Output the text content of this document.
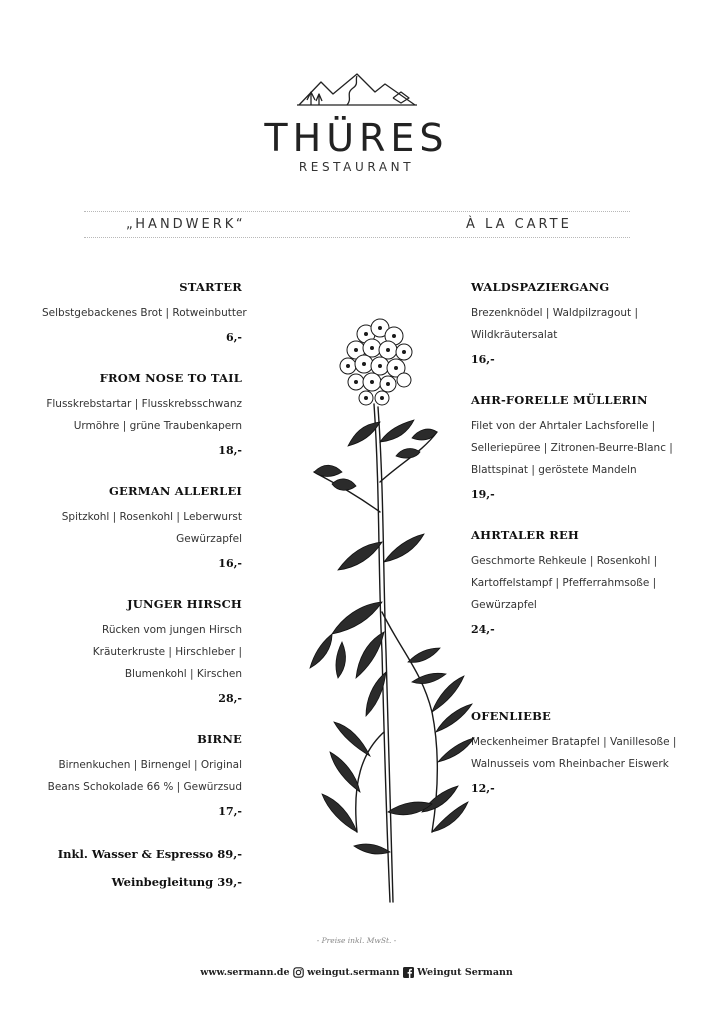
THÜRES
RESTAURANT
„HANDWERK“	À LA CARTE
STARTER
Selbstgebackenes Brot | Rotweinbutter
6,-
FROM NOSE TO TAIL
Flusskrebstartar | Flusskrebsschwanz
Urmöhre | grüne Traubenkapern
18,-
GERMAN ALLERLEI
Spitzkohl | Rosenkohl | Leberwurst
Gewürzapfel
16,-
JUNGER HIRSCH
Rücken vom jungen Hirsch
Kräuterkruste | Hirschleber |
Blumenkohl | Kirschen
28,-
BIRNE
Birnenkuchen | Birnengel | Original
Beans Schokolade 66 % | Gewürzsud
17,-
Inkl. Wasser & Espresso 89,-
Weinbegleitung 39,-
WALDSPAZIERGANG
Brezenknödel | Waldpilzragout |
Wildkräutersalat
16,-
AHR-FORELLE MÜLLERIN
Filet von der Ahrtaler Lachsforelle |
Selleriepüree | Zitronen-Beurre-Blanc |
Blattspinat | geröstete Mandeln
19,-
AHRTALER REH
Geschmorte Rehkeule | Rosenkohl |
Kartoffelstampf | Pfefferrahmsoße |
Gewürzapfel
24,-
OFENLIEBE
Meckenheimer Bratapfel | Vanillesoße |
Walnusseis vom Rheinbacher Eiswerk
12,-
- Preise inkl. MwSt. -
www.sermann.de weingut.sermann Weingut Sermann
